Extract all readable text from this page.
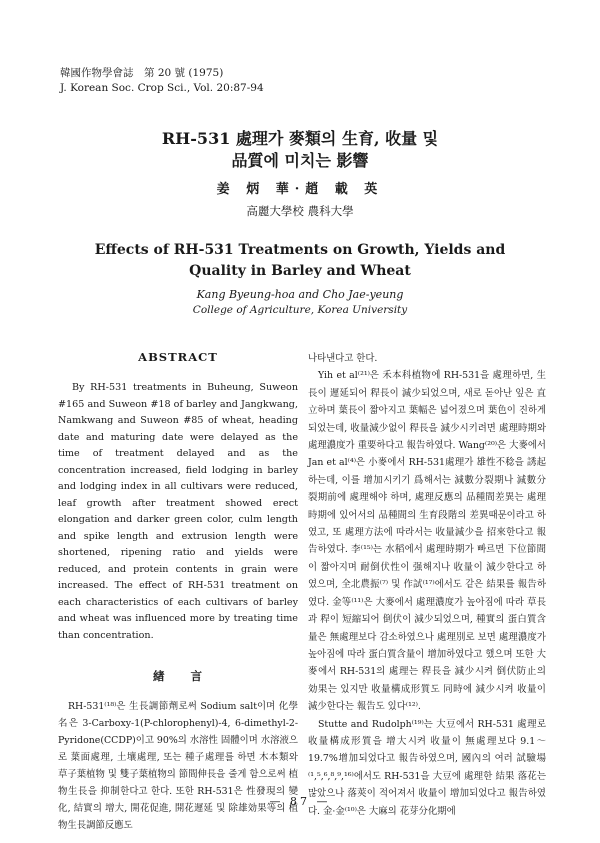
韓國作物學會誌　第 20 號 (1975)
J. Korean Soc. Crop Sci., Vol. 20:87-94
RH-531 處理가 麥類의 生育, 收量 및
品質에 미치는 影響
姜 炳 華·趙 載 英
高麗大學校 農科大學
Effects of RH-531 Treatments on Growth, Yields and
Quality in Barley and Wheat
Kang Byeung-hoa and Cho Jae-yeung
College of Agriculture, Korea University
ABSTRACT

By RH-531 treatments in Buheung, Suweon #165 and Suweon #18 of barley and Jangkwang, Namkwang and Suweon #85 of wheat, heading date and maturing date were delayed as the time of treatment delayed and as the concentration increased, field lodging in barley and lodging index in all cultivars were reduced, leaf growth after treatment showed erect elongation and darker green color, culm length and spike length and extrusion length were shortened, ripening ratio and yields were reduced, and protein contents in grain were increased. The effect of RH-531 treatment on each characteristics of each cultivars of barley and wheat was influenced more by treating time than concentration.

緖　　言

RH-531⁽¹⁸⁾은 生長調節劑로써 Sodium salt이며 化學名은 3-Carboxy-1(P-chlorophenyl)-4, 6-dimethyl-2-Pyridone(CCDP)이고 90%의 水溶性 固體이며 水溶液으로 葉面處理, 土壤處理, 또는 種子處理를 하면 木本類와 草子葉植物 및 雙子葉植物의 節間伸長을 줄게 함으로써 植物生長을 抑制한다고 한다. 또한 RH-531은 性發現의 變化, 結實의 增大, 開花促進, 開花遲延 및 除雄効果等의 植物生長調節反應도

나타낸다고 한다.

Yih et al⁽²¹⁾은 禾本科植物에 RH-531을 處理하면, 生長이 遲延되어 稈長이 減少되었으며, 새로 돋아난 잎은 直立하며 葉長이 짧아지고 葉幅은 넓어졌으며 葉色이 진하게 되었는데, 收量減少없이 稈長을 減少시키려면 處理時期와 處理濃度가 重要하다고 報告하였다. Wang⁽²⁰⁾은 大麥에서 Jan et al⁽⁴⁾은 小麥에서 RH-531處理가 雄性不稔을 誘起하는데, 이를 增加시키기 爲해서는 減數分裂期나 減數分裂期前에 處理해야 하며, 處理反應의 品種間差異는 處理時期에 있어서의 品種間의 生育段階의 差異때문이라고 하였고, 또 處理方法에 따라서는 收量減少을 招來한다고 報告하였다. 李⁽¹⁵⁾는 水稻에서 處理時期가 빠르면 下位節間이 짧아지며 耐倒伏性이 强해지나 收量이 減少한다고 하였으며, 全北農振⁽⁷⁾ 및 作試⁽¹⁷⁾에서도 같은 結果를 報告하였다. 金等⁽¹¹⁾은 大麥에서 處理濃度가 높아짐에 따라 草長과 稈이 短縮되어 倒伏이 減少되었으며, 種實의 蛋白質含量은 無處理보다 감소하였으나 處理別로 보면 處理濃度가 높아짐에 따라 蛋白質含量이 增加하였다고 했으며 또한 大麥에서 RH-531의 處理는 稈長을 減少시켜 倒伏防止의 効果는 있지만 收量構成形質도 同時에 減少시켜 收量이 減少한다는 報告도 있다⁽¹²⁾.

Stutte and Rudolph⁽¹⁹⁾는 大豆에서 RH-531 處理로 收量構成形質을 增大시켜 收量이 無處理보다 9.1～19.7%增加되었다고 報告하였으며, 國內의 여러 試驗場⁽¹,⁵,⁶,⁸,⁹,¹⁶⁾에서도 RH-531을 大豆에 處理한 結果 落花는 많았으나 落莢이 적어져서 收量이 增加되었다고 報告하였다. 金·金⁽¹⁰⁾은 大麻의 花芽分化期에

— 87 —
